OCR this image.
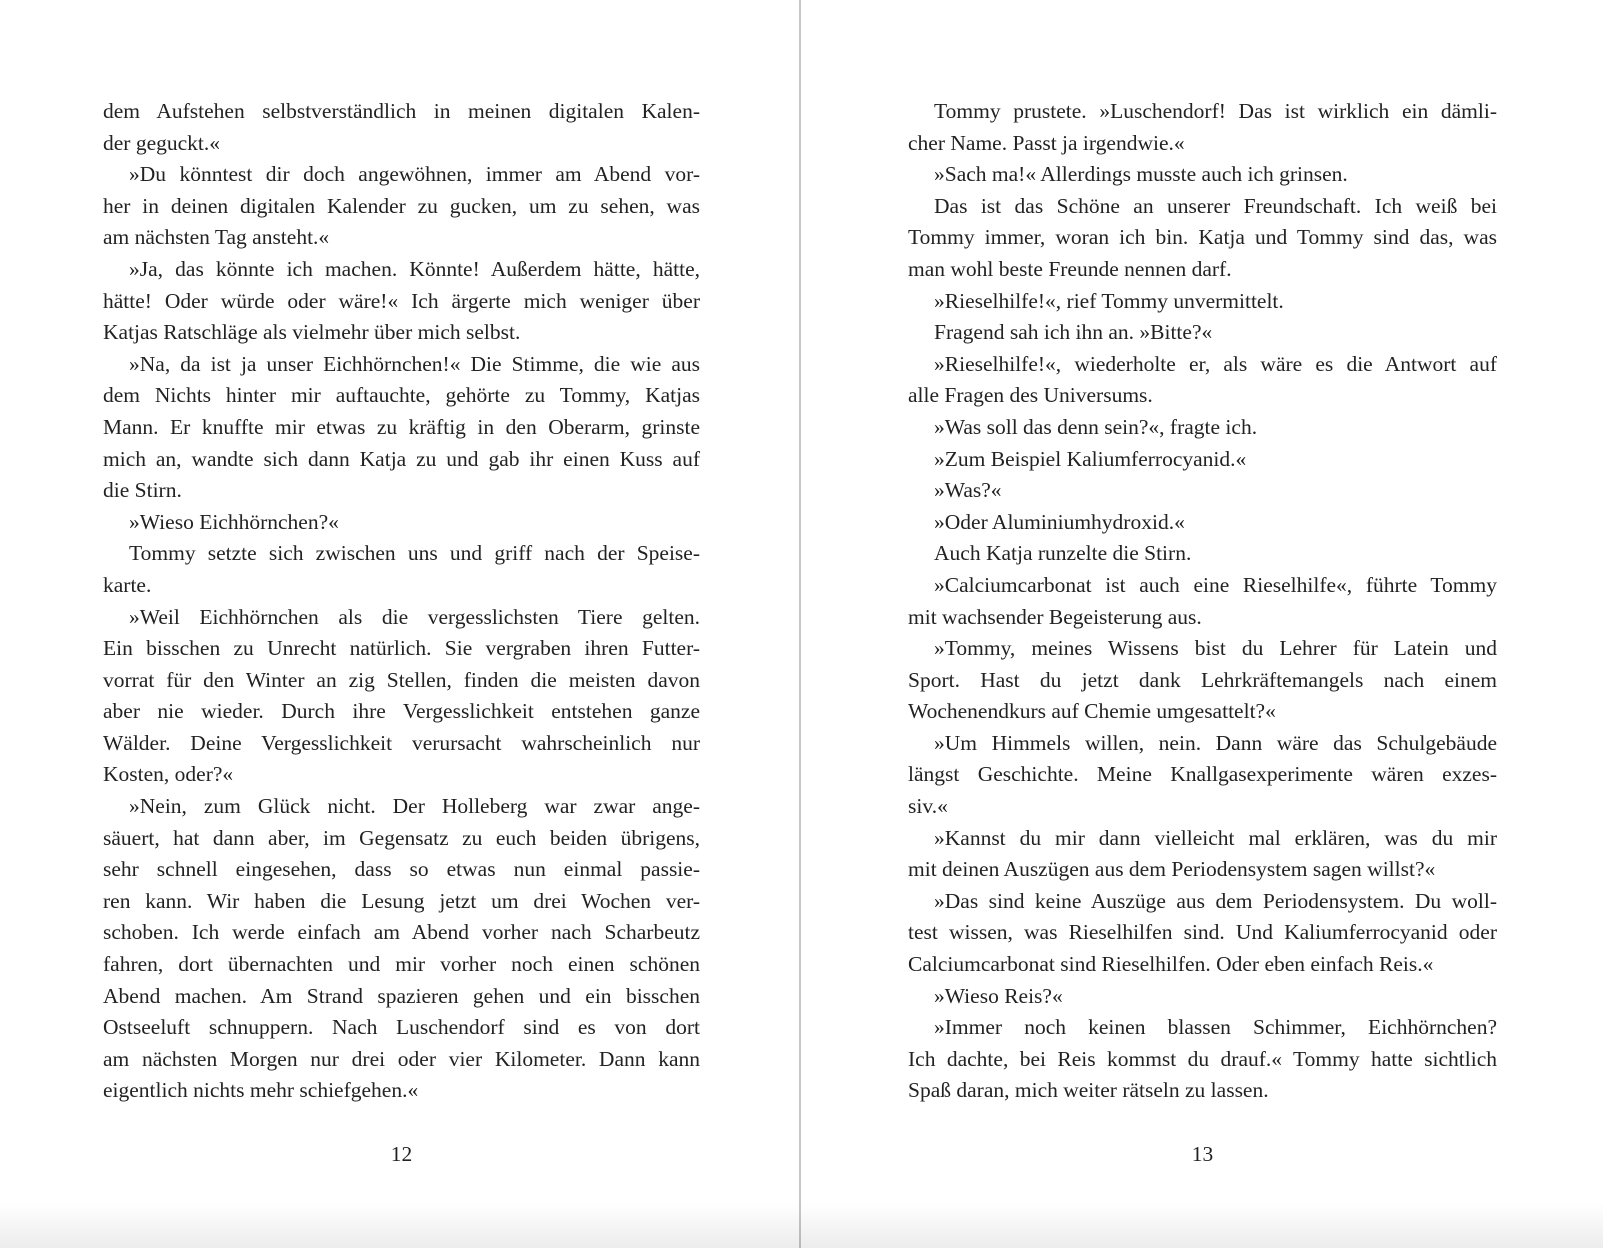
dem Aufstehen selbstverständlich in meinen digitalen Kalen-
der geguckt.«
»Du könntest dir doch angewöhnen, immer am Abend vor-
her in deinen digitalen Kalender zu gucken, um zu sehen, was
am nächsten Tag ansteht.«
»Ja, das könnte ich machen. Könnte! Außerdem hätte, hätte,
hätte! Oder würde oder wäre!« Ich ärgerte mich weniger über
Katjas Ratschläge als vielmehr über mich selbst.
»Na, da ist ja unser Eichhörnchen!« Die Stimme, die wie aus
dem Nichts hinter mir auftauchte, gehörte zu Tommy, Katjas
Mann. Er knuffte mir etwas zu kräftig in den Oberarm, grinste
mich an, wandte sich dann Katja zu und gab ihr einen Kuss auf
die Stirn.
»Wieso Eichhörnchen?«
Tommy setzte sich zwischen uns und griff nach der Speise-
karte.
»Weil Eichhörnchen als die vergesslichsten Tiere gelten.
Ein bisschen zu Unrecht natürlich. Sie vergraben ihren Futter-
vorrat für den Winter an zig Stellen, finden die meisten davon
aber nie wieder. Durch ihre Vergesslichkeit entstehen ganze
Wälder. Deine Vergesslichkeit verursacht wahrscheinlich nur
Kosten, oder?«
»Nein, zum Glück nicht. Der Holleberg war zwar ange-
säuert, hat dann aber, im Gegensatz zu euch beiden übrigens,
sehr schnell eingesehen, dass so etwas nun einmal passie-
ren kann. Wir haben die Lesung jetzt um drei Wochen ver-
schoben. Ich werde einfach am Abend vorher nach Scharbeutz
fahren, dort übernachten und mir vorher noch einen schönen
Abend machen. Am Strand spazieren gehen und ein bisschen
Ostseeluft schnuppern. Nach Luschendorf sind es von dort
am nächsten Morgen nur drei oder vier Kilometer. Dann kann
eigentlich nichts mehr schiefgehen.«
12
Tommy prustete. »Luschendorf! Das ist wirklich ein dämli-
cher Name. Passt ja irgendwie.«
»Sach ma!« Allerdings musste auch ich grinsen.
Das ist das Schöne an unserer Freundschaft. Ich weiß bei
Tommy immer, woran ich bin. Katja und Tommy sind das, was
man wohl beste Freunde nennen darf.
»Rieselhilfe!«, rief Tommy unvermittelt.
Fragend sah ich ihn an. »Bitte?«
»Rieselhilfe!«, wiederholte er, als wäre es die Antwort auf
alle Fragen des Universums.
»Was soll das denn sein?«, fragte ich.
»Zum Beispiel Kaliumferrocyanid.«
»Was?«
»Oder Aluminiumhydroxid.«
Auch Katja runzelte die Stirn.
»Calciumcarbonat ist auch eine Rieselhilfe«, führte Tommy
mit wachsender Begeisterung aus.
»Tommy, meines Wissens bist du Lehrer für Latein und
Sport. Hast du jetzt dank Lehrkräftemangels nach einem
Wochenendkurs auf Chemie umgesattelt?«
»Um Himmels willen, nein. Dann wäre das Schulgebäude
längst Geschichte. Meine Knallgasexperimente wären exzes-
siv.«
»Kannst du mir dann vielleicht mal erklären, was du mir
mit deinen Auszügen aus dem Periodensystem sagen willst?«
»Das sind keine Auszüge aus dem Periodensystem. Du woll-
test wissen, was Rieselhilfen sind. Und Kaliumferrocyanid oder
Calciumcarbonat sind Rieselhilfen. Oder eben einfach Reis.«
»Wieso Reis?«
»Immer noch keinen blassen Schimmer, Eichhörnchen?
Ich dachte, bei Reis kommst du drauf.« Tommy hatte sichtlich
Spaß daran, mich weiter rätseln zu lassen.
13
